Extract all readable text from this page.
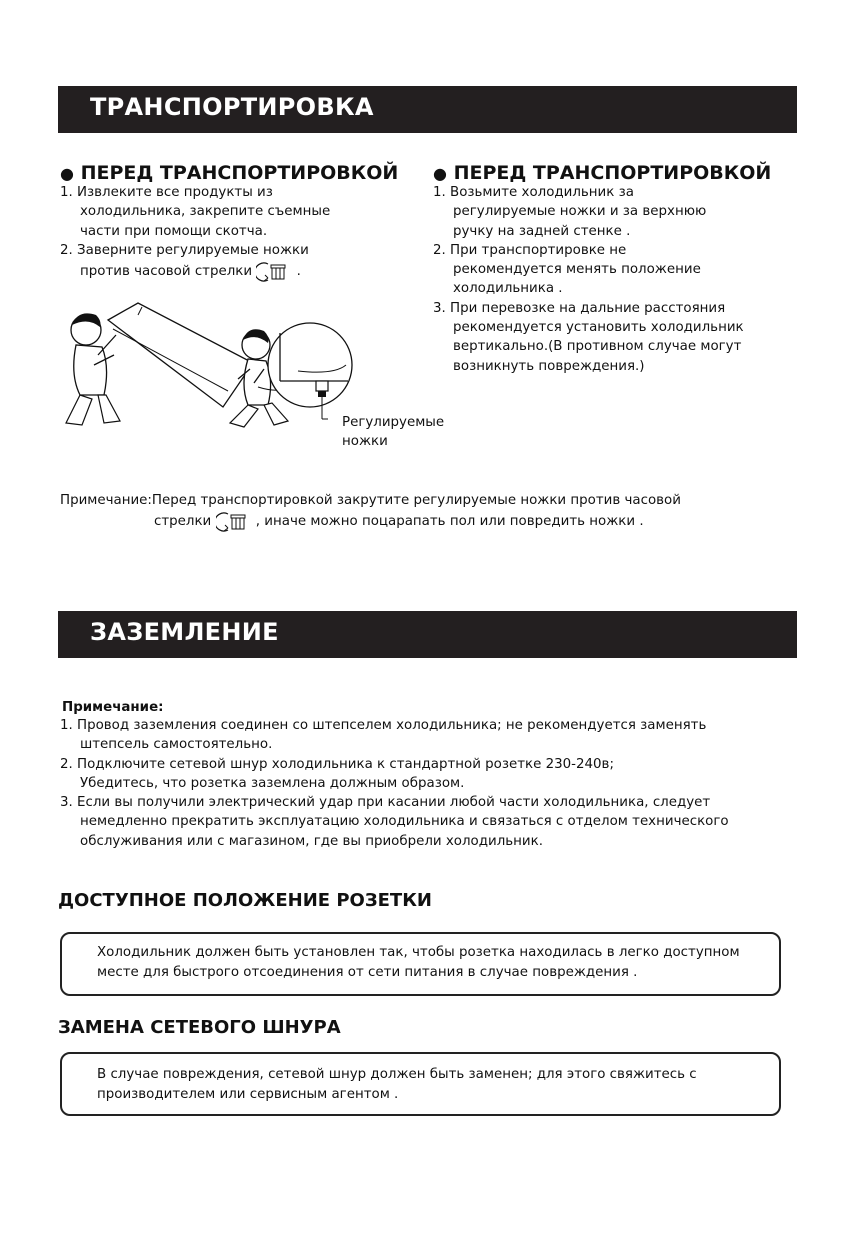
ТРАНСПОРТИРОВКА
● ПЕРЕД ТРАНСПОРТИРОВКОЙ
1. Извлеките все продукты из
холодильника, закрепите съемные
части при помощи скотча.
2. Заверните регулируемые ножки
против часовой стрелки	.
● ПЕРЕД ТРАНСПОРТИРОВКОЙ
1. Возьмите холодильник за
регулируемые ножки и за верхнюю
ручку на задней стенке .
2. При транспортировке не
рекомендуется менять положение
холодильника .
3. При перевозке на дальние расстояния
рекомендуется установить холодильник
вертикально.(В противном случае могут
возникнуть повреждения.)
Регулируемые
ножки
Примечание:Перед транспортировкой закрутите регулируемые ножки против часовой
стрелки	, иначе можно поцарапать пол или повредить ножки .
ЗАЗЕМЛЕНИЕ
Примечание:
1. Провод заземления соединен со штепселем холодильника; не рекомендуется заменять
штепсель самостоятельно.
2. Подключите сетевой шнур холодильника к стандартной розетке 230-240в;
Убедитесь, что розетка заземлена должным образом.
3. Если вы получили электрический удар при касании любой части холодильника, следует
немедленно прекратить эксплуатацию холодильника и связаться с отделом технического
обслуживания или с магазином, где вы приобрели холодильник.
ДОСТУПНОЕ ПОЛОЖЕНИЕ РОЗЕТКИ

Холодильник должен быть установлен так, чтобы розетка находилась в легко доступном
месте для быстрого отсоединения от сети питания в случае повреждения .

ЗАМЕНА СЕТЕВОГО ШНУРА

В случае повреждения, сетевой шнур должен быть заменен; для этого свяжитесь с
производителем или сервисным агентом .
